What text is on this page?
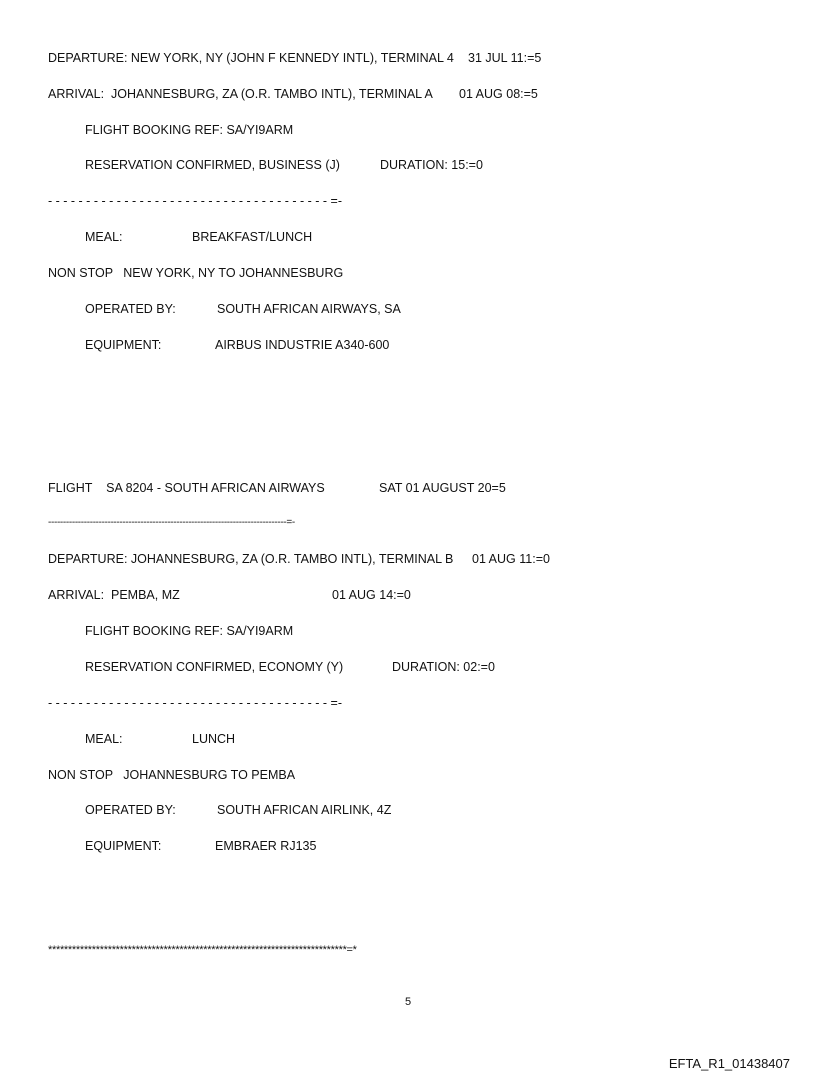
DEPARTURE: NEW YORK, NY (JOHN F KENNEDY INTL), TERMINAL 4 31 JUL 11:=5
ARRIVAL:  JOHANNESBURG, ZA (O.R. TAMBO INTL), TERMINAL A 01 AUG 08:=5
FLIGHT BOOKING REF: SA/YI9ARM
RESERVATION CONFIRMED, BUSINESS (J)	DURATION: 15:=0
- - - - - - - - - - - - - - - - - - - - - - - - - - - - - - - - - - - - - =-
MEAL:	BREAKFAST/LUNCH
NON STOP   NEW YORK, NY TO JOHANNESBURG
OPERATED BY:	SOUTH AFRICAN AIRWAYS, SA
EQUIPMENT:	AIRBUS INDUSTRIE A340-600
FLIGHT    SA 8204 - SOUTH AFRICAN AIRWAYS	SAT 01 AUGUST 20=5
--------------------------------------------------------------------------------=-
DEPARTURE: JOHANNESBURG, ZA (O.R. TAMBO INTL), TERMINAL B 01 AUG 11:=0
ARRIVAL:  PEMBA, MZ	01 AUG 14:=0
FLIGHT BOOKING REF: SA/YI9ARM
RESERVATION CONFIRMED, ECONOMY (Y)	DURATION: 02:=0
- - - - - - - - - - - - - - - - - - - - - - - - - - - - - - - - - - - - - =-
MEAL:	LUNCH
NON STOP   JOHANNESBURG TO PEMBA
OPERATED BY:	SOUTH AFRICAN AIRLINK, 4Z
EQUIPMENT:	EMBRAER RJ135
***************************************************************************=*
5
EFTA_R1_01438407
